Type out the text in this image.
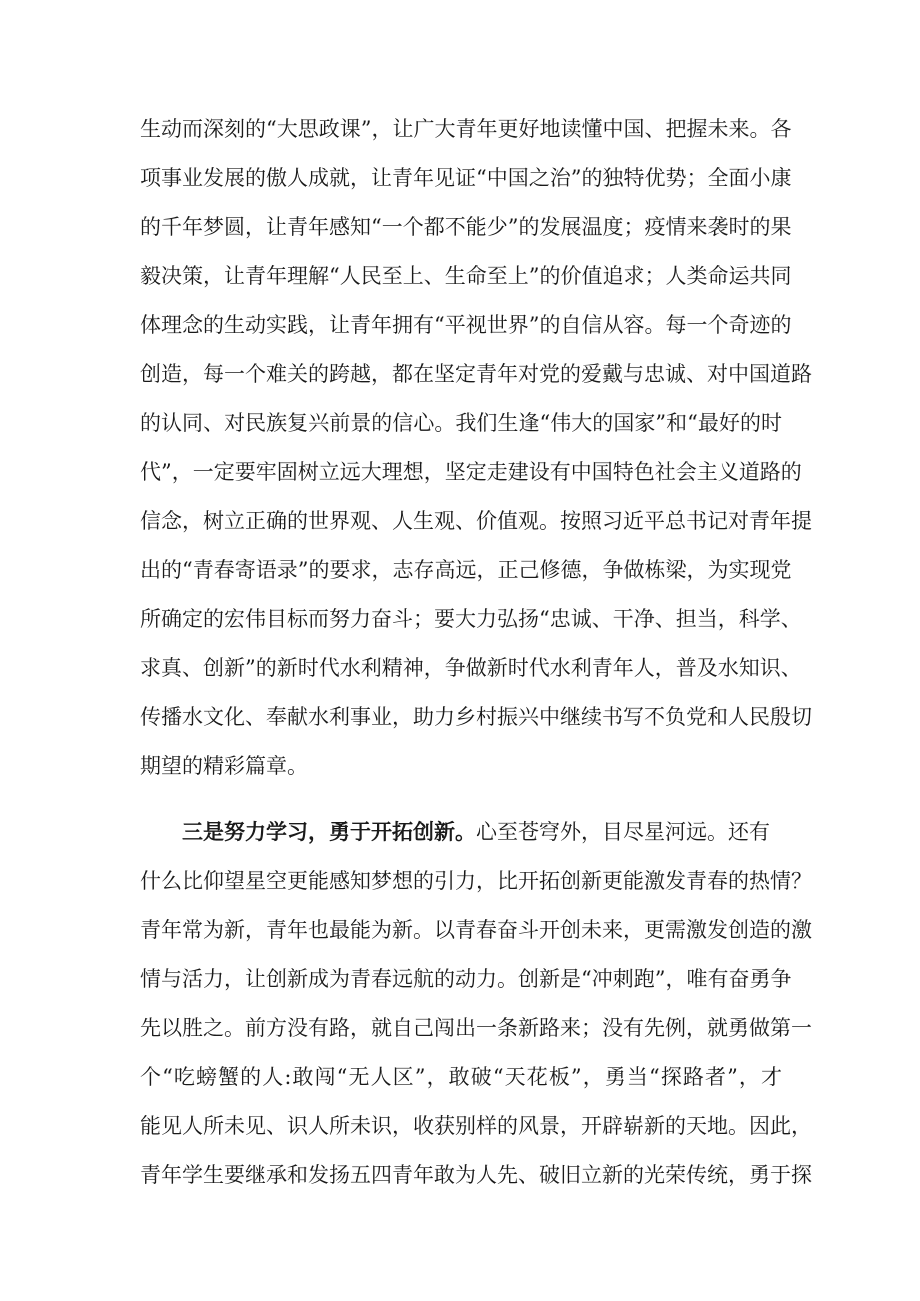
生动而深刻的“大思政课”，让广大青年更好地读懂中国、把握未来。各
项事业发展的傲人成就，让青年见证“中国之治”的独特优势；全面小康
的千年梦圆，让青年感知“一个都不能少”的发展温度；疫情来袭时的果
毅决策，让青年理解“人民至上、生命至上”的价值追求；人类命运共同
体理念的生动实践，让青年拥有“平视世界”的自信从容。每一个奇迹的
创造，每一个难关的跨越，都在坚定青年对党的爱戴与忠诚、对中国道路
的认同、对民族复兴前景的信心。我们生逢“伟大的国家”和“最好的时
代”，一定要牢固树立远大理想，坚定走建设有中国特色社会主义道路的
信念，树立正确的世界观、人生观、价值观。按照习近平总书记对青年提
出的“青春寄语录”的要求，志存高远，正己修德，争做栋梁，为实现党
所确定的宏伟目标而努力奋斗；要大力弘扬“忠诚、干净、担当，科学、
求真、创新”的新时代水利精神，争做新时代水利青年人，普及水知识、
传播水文化、奉献水利事业，助力乡村振兴中继续书写不负党和人民殷切
期望的精彩篇章。
三是努力学习，勇于开拓创新。心至苍穹外，目尽星河远。还有
什么比仰望星空更能感知梦想的引力，比开拓创新更能激发青春的热情？
青年常为新，青年也最能为新。以青春奋斗开创未来，更需激发创造的激
情与活力，让创新成为青春远航的动力。创新是“冲刺跑”，唯有奋勇争
先以胜之。前方没有路，就自己闯出一条新路来；没有先例，就勇做第一
个“吃螃蟹的人:敢闯“无人区”，敢破“天花板”，勇当“探路者”，才
能见人所未见、识人所未识，收获别样的风景，开辟崭新的天地。因此，
青年学生要继承和发扬五四青年敢为人先、破旧立新的光荣传统，勇于探
